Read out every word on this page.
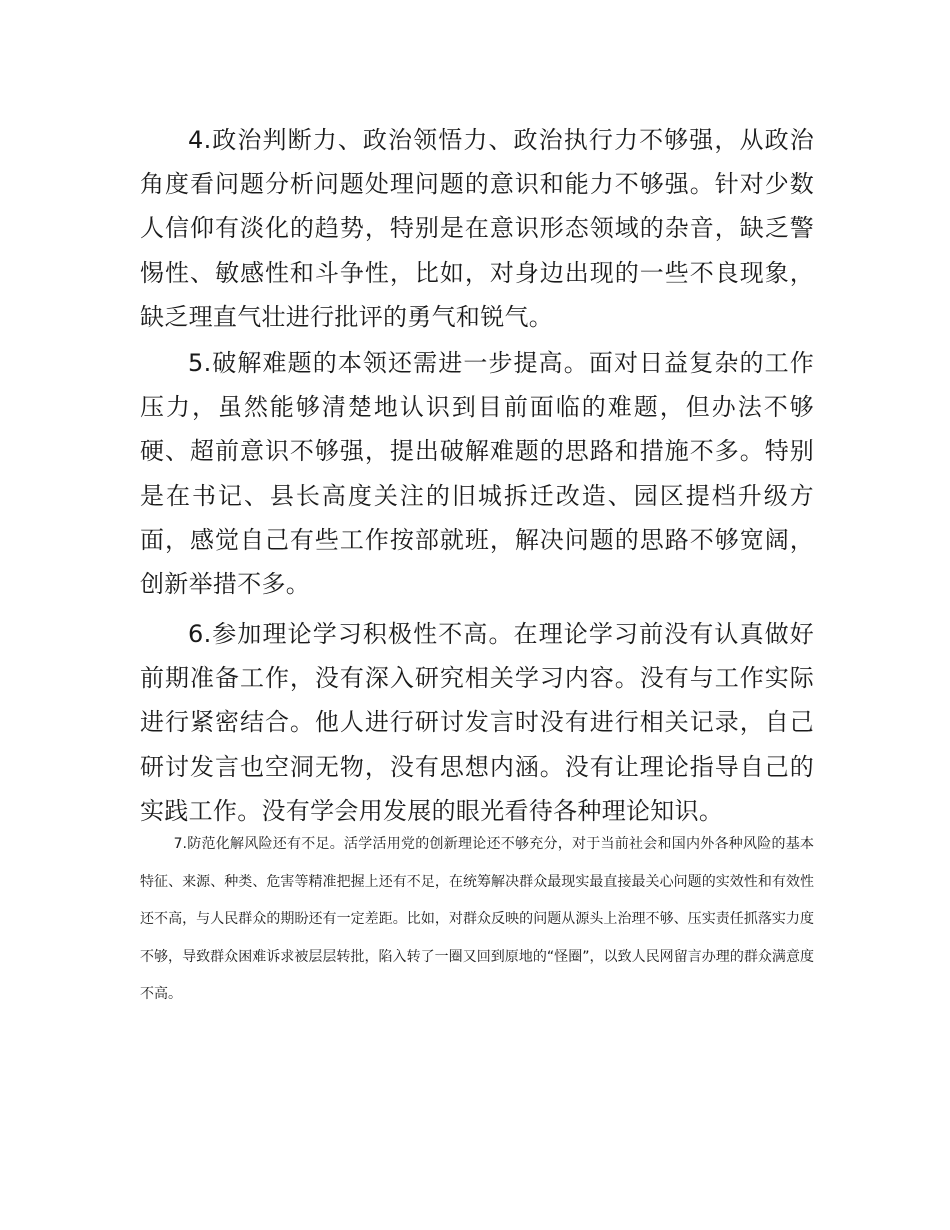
4.政治判断力、政治领悟力、政治执行力不够强，从政治角度看问题分析问题处理问题的意识和能力不够强。针对少数人信仰有淡化的趋势，特别是在意识形态领域的杂音，缺乏警惕性、敏感性和斗争性，比如，对身边出现的一些不良现象，缺乏理直气壮进行批评的勇气和锐气。

5.破解难题的本领还需进一步提高。面对日益复杂的工作压力，虽然能够清楚地认识到目前面临的难题，但办法不够硬、超前意识不够强，提出破解难题的思路和措施不多。特别是在书记、县长高度关注的旧城拆迁改造、园区提档升级方面，感觉自己有些工作按部就班，解决问题的思路不够宽阔，创新举措不多。

6.参加理论学习积极性不高。在理论学习前没有认真做好前期准备工作，没有深入研究相关学习内容。没有与工作实际进行紧密结合。他人进行研讨发言时没有进行相关记录，自己研讨发言也空洞无物，没有思想内涵。没有让理论指导自己的实践工作。没有学会用发展的眼光看待各种理论知识。

7.防范化解风险还有不足。活学活用党的创新理论还不够充分，对于当前社会和国内外各种风险的基本特征、来源、种类、危害等精准把握上还有不足，在统筹解决群众最现实最直接最关心问题的实效性和有效性还不高，与人民群众的期盼还有一定差距。比如，对群众反映的问题从源头上治理不够、压实责任抓落实力度不够，导致群众困难诉求被层层转批，陷入转了一圈又回到原地的“怪圈”，以致人民网留言办理的群众满意度不高。
